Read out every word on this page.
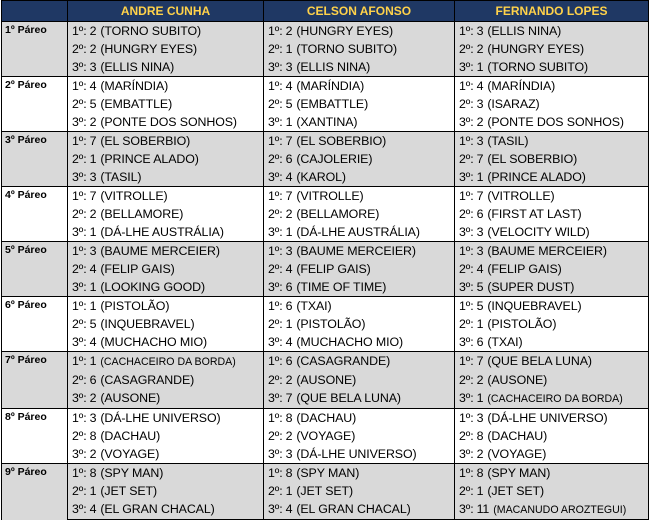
	ANDRE CUNHA	CELSON AFONSO	FERNANDO LOPES
1º Páreo	1º: 2 (TORNO SUBITO)	1º: 2 (HUNGRY EYES)	1º: 3 (ELLIS NINA)
	2º: 2 (HUNGRY EYES)	2º: 1 (TORNO SUBITO)	2º: 2 (HUNGRY EYES)
	3º: 3 (ELLIS NINA)	3º: 3 (ELLIS NINA)	3º: 1 (TORNO SUBITO)
2º Páreo	1º: 4 (MARÍNDIA)	1º: 4 (MARÍNDIA)	1º: 4 (MARÍNDIA)
	2º: 5 (EMBATTLE)	2º: 5 (EMBATTLE)	2º: 3 (ISARAZ)
	3º: 2 (PONTE DOS SONHOS)	3º: 1 (XANTINA)	3º: 2 (PONTE DOS SONHOS)
3º Páreo	1º: 7 (EL SOBERBIO)	1º: 7 (EL SOBERBIO)	1º: 3 (TASIL)
	2º: 1 (PRINCE ALADO)	2º: 6 (CAJOLERIE)	2º: 7 (EL SOBERBIO)
	3º: 3 (TASIL)	3º: 4 (KAROL)	3º: 1 (PRINCE ALADO)
4º Páreo	1º: 7 (VITROLLE)	1º: 7 (VITROLLE)	1º: 7 (VITROLLE)
	2º: 2 (BELLAMORE)	2º: 2 (BELLAMORE)	2º: 6 (FIRST AT LAST)
	3º: 1 (DÁ-LHE AUSTRÁLIA)	3º: 1 (DÁ-LHE AUSTRÁLIA)	3º: 3 (VELOCITY WILD)
5º Páreo	1º: 3 (BAUME MERCEIER)	1º: 3 (BAUME MERCEIER)	1º: 3 (BAUME MERCEIER)
	2º: 4 (FELIP GAIS)	2º: 4 (FELIP GAIS)	2º: 4 (FELIP GAIS)
	3º: 1 (LOOKING GOOD)	3º: 6 (TIME OF TIME)	3º: 5 (SUPER DUST)
6º Páreo	1º: 1 (PISTOLÃO)	1º: 6 (TXAI)	1º: 5 (INQUEBRAVEL)
	2º: 5 (INQUEBRAVEL)	2º: 1 (PISTOLÃO)	2º: 1 (PISTOLÃO)
	3º: 4 (MUCHACHO MIO)	3º: 4 (MUCHACHO MIO)	3º: 6 (TXAI)
7º Páreo	1º: 1 (CACHACEIRO DA BORDA)	1º: 6 (CASAGRANDE)	1º: 7 (QUE BELA LUNA)
	2º: 6 (CASAGRANDE)	2º: 2 (AUSONE)	2º: 2 (AUSONE)
	3º: 2 (AUSONE)	3º: 7 (QUE BELA LUNA)	3º: 1 (CACHACEIRO DA BORDA)
8º Páreo	1º: 3 (DÁ-LHE UNIVERSO)	1º: 8 (DACHAU)	1º: 3 (DÁ-LHE UNIVERSO)
	2º: 8 (DACHAU)	2º: 2 (VOYAGE)	2º: 8 (DACHAU)
	3º: 2 (VOYAGE)	3º: 3 (DÁ-LHE UNIVERSO)	3º: 2 (VOYAGE)
9º Páreo	1º: 8 (SPY MAN)	1º: 8 (SPY MAN)	1º: 8 (SPY MAN)
	2º: 1 (JET SET)	2º: 1 (JET SET)	2º: 1 (JET SET)
	3º: 4 (EL GRAN CHACAL)	3º: 4 (EL GRAN CHACAL)	3º: 11 (MACANUDO AROZTEGUI)
